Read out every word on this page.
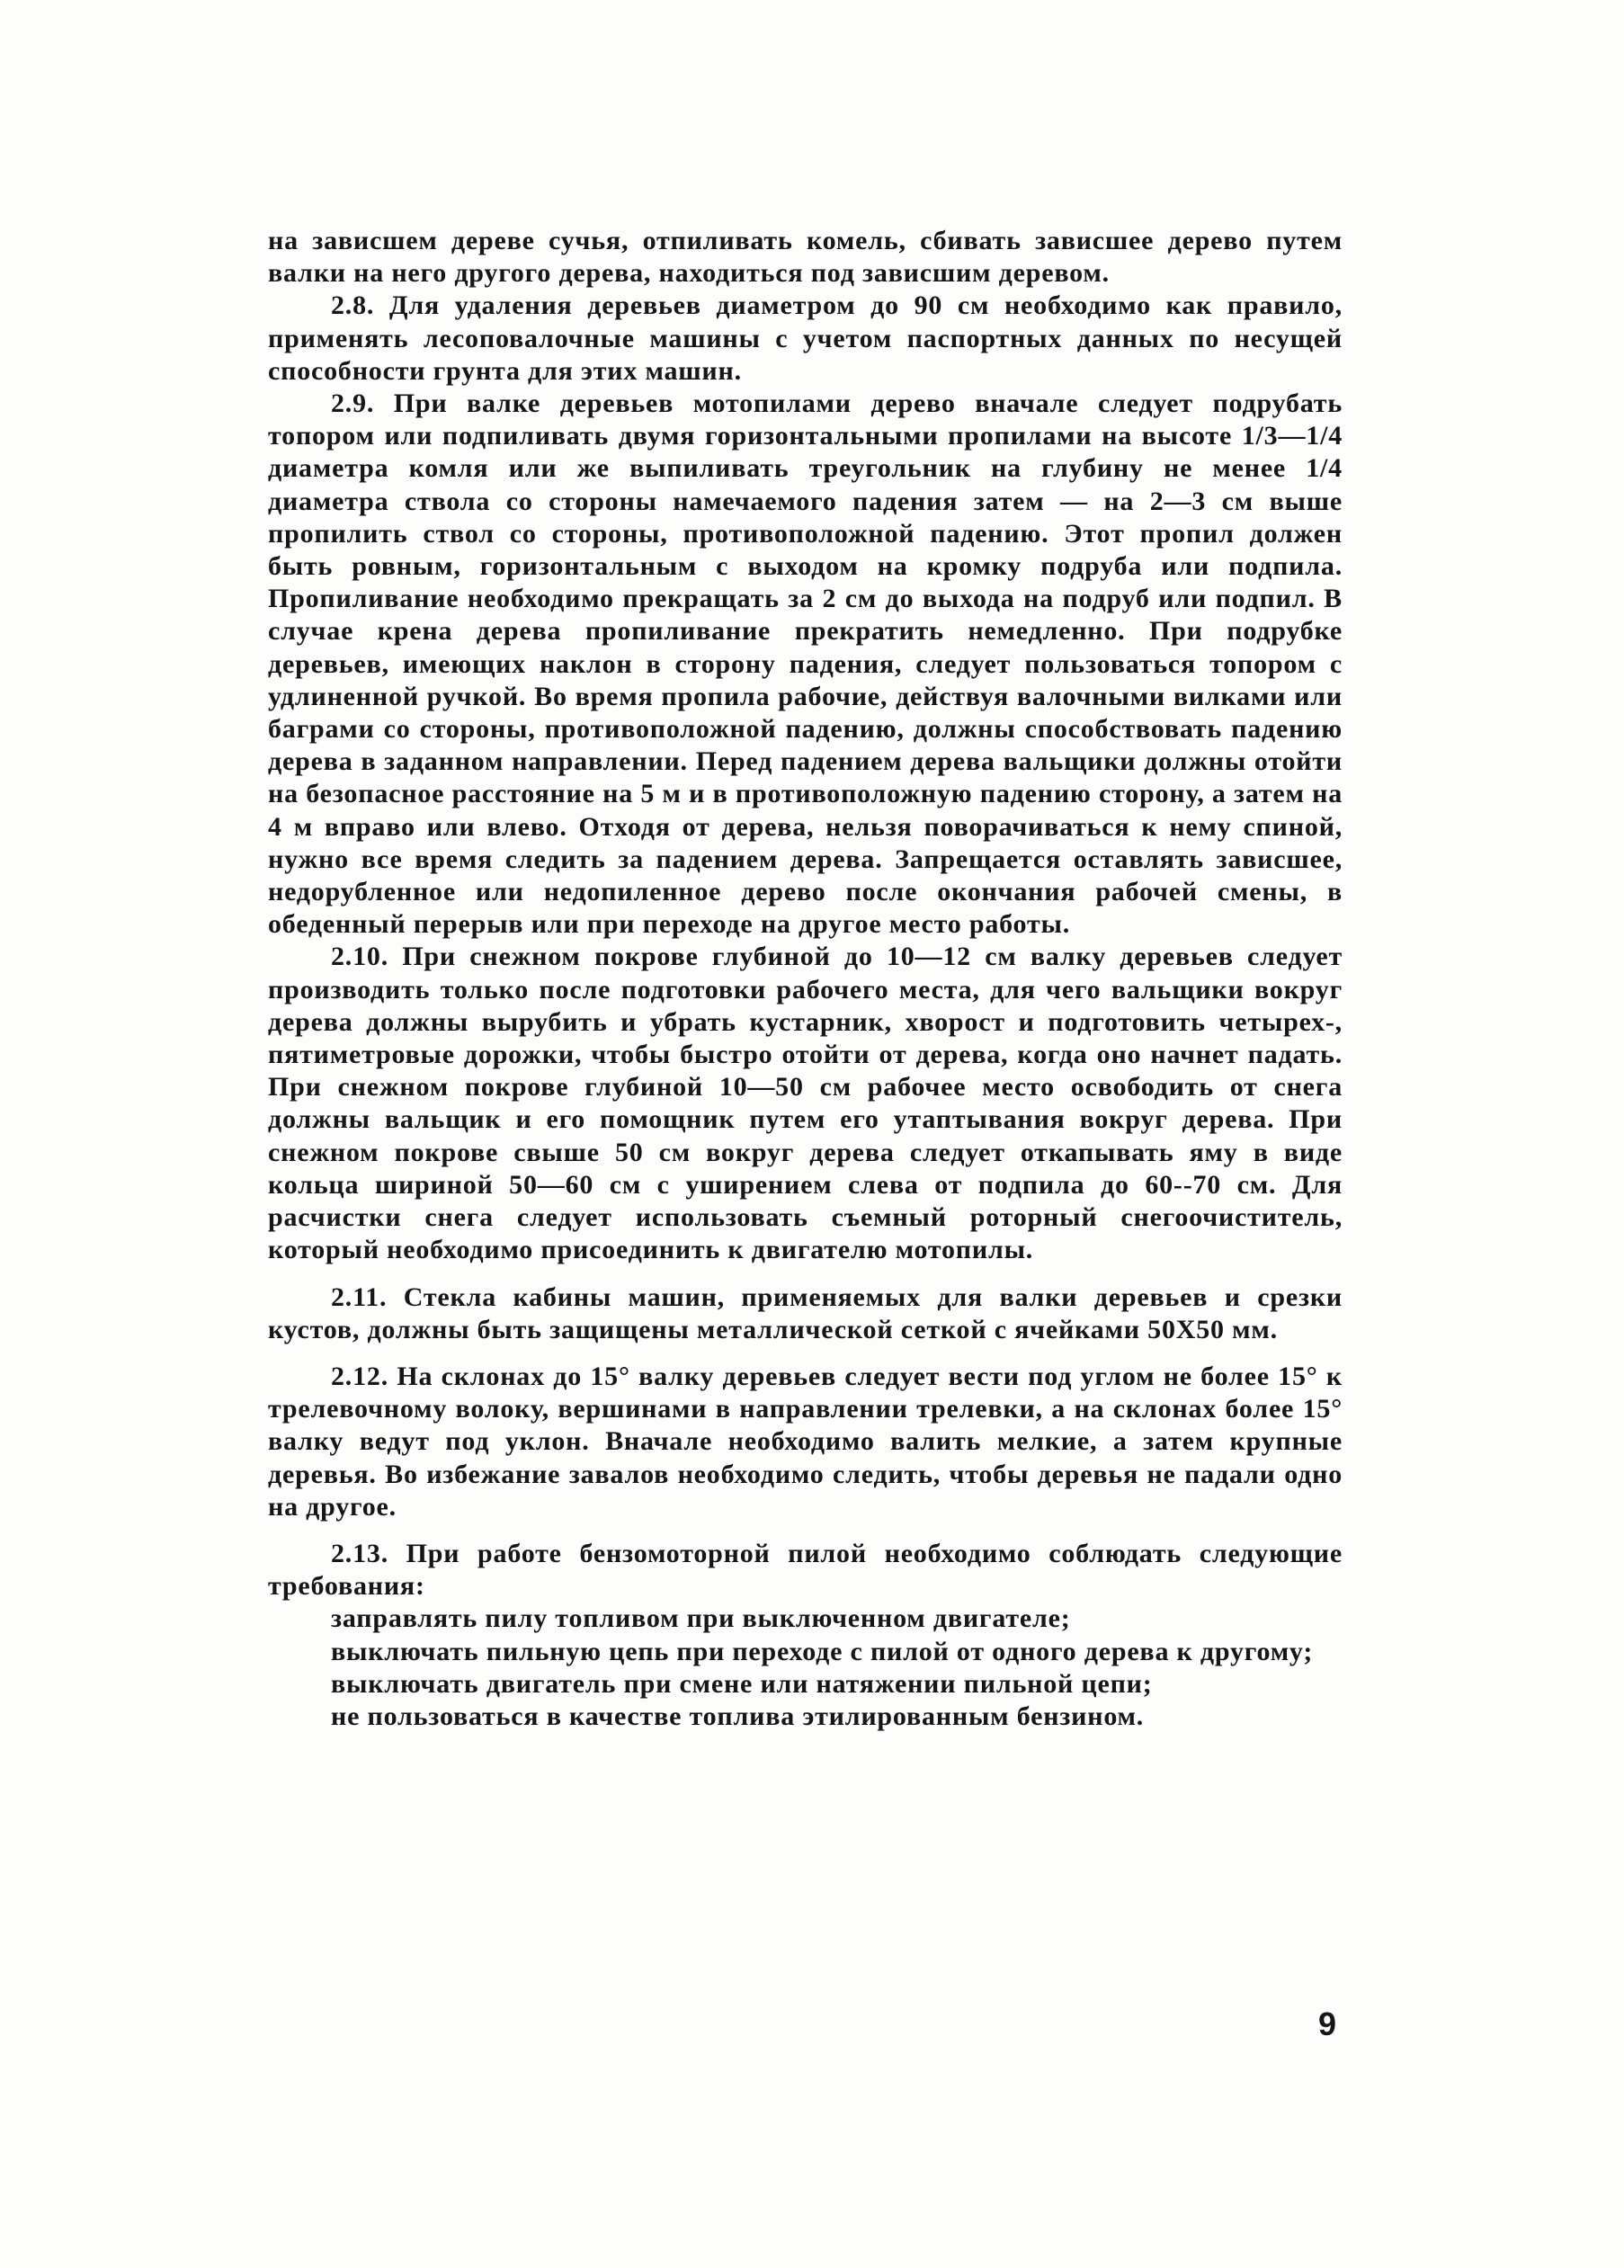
на зависшем дереве сучья, отпиливать комель, сбивать зависшее дерево путем валки на него другого дерева, находиться под зависшим деревом.

2.8. Для удаления деревьев диаметром до 90 см необходимо как правило, применять лесоповалочные машины с учетом паспортных данных по несущей способности грунта для этих машин.

2.9. При валке деревьев мотопилами дерево вначале следует подрубать топором или подпиливать двумя горизонтальными пропилами на высоте 1/3—1/4 диаметра комля или же выпиливать треугольник на глубину не менее 1/4 диаметра ствола со стороны намечаемого падения затем — на 2—3 см выше пропилить ствол со стороны, противоположной падению. Этот пропил должен быть ровным, горизонтальным с выходом на кромку подруба или подпила. Пропиливание необходимо прекращать за 2 см до выхода на подруб или подпил. В случае крена дерева пропиливание прекратить немедленно. При подрубке деревьев, имеющих наклон в сторону падения, следует пользоваться топором с удлиненной ручкой. Во время пропила рабочие, действуя валочными вилками или баграми со стороны, противоположной падению, должны способствовать падению дерева в заданном направлении. Перед падением дерева вальщики должны отойти на безопасное расстояние на 5 м и в противоположную падению сторону, а затем на 4 м вправо или влево. Отходя от дерева, нельзя поворачиваться к нему спиной, нужно все время следить за падением дерева. Запрещается оставлять зависшее, недорубленное или недопиленное дерево после окончания рабочей смены, в обеденный перерыв или при переходе на другое место работы.

2.10. При снежном покрове глубиной до 10—12 см валку деревьев следует производить только после подготовки рабочего места, для чего вальщики вокруг дерева должны вырубить и убрать кустарник, хворост и подготовить четырех-, пятиметровые дорожки, чтобы быстро отойти от дерева, когда оно начнет падать. При снежном покрове глубиной 10—50 см рабочее место освободить от снега должны вальщик и его помощник путем его утаптывания вокруг дерева. При снежном покрове свыше 50 см вокруг дерева следует откапывать яму в виде кольца шириной 50—60 см с уширением слева от подпила до 60--70 см. Для расчистки снега следует использовать съемный роторный снегоочиститель, который необходимо присоединить к двигателю мотопилы.

2.11. Стекла кабины машин, применяемых для валки деревьев и срезки кустов, должны быть защищены металлической сеткой с ячейками 50Х50 мм.

2.12. На склонах до 15° валку деревьев следует вести под углом не более 15° к трелевочному волоку, вершинами в направлении трелевки, а на склонах более 15° валку ведут под уклон. Вначале необходимо валить мелкие, а затем крупные деревья. Во избежание завалов необходимо следить, чтобы деревья не падали одно на другое.

2.13. При работе бензомоторной пилой необходимо соблюдать следующие требования:

заправлять пилу топливом при выключенном двигателе;

выключать пильную цепь при переходе с пилой от одного дерева к другому;

выключать двигатель при смене или натяжении пильной цепи;

не пользоваться в качестве топлива этилированным бензином.

9
